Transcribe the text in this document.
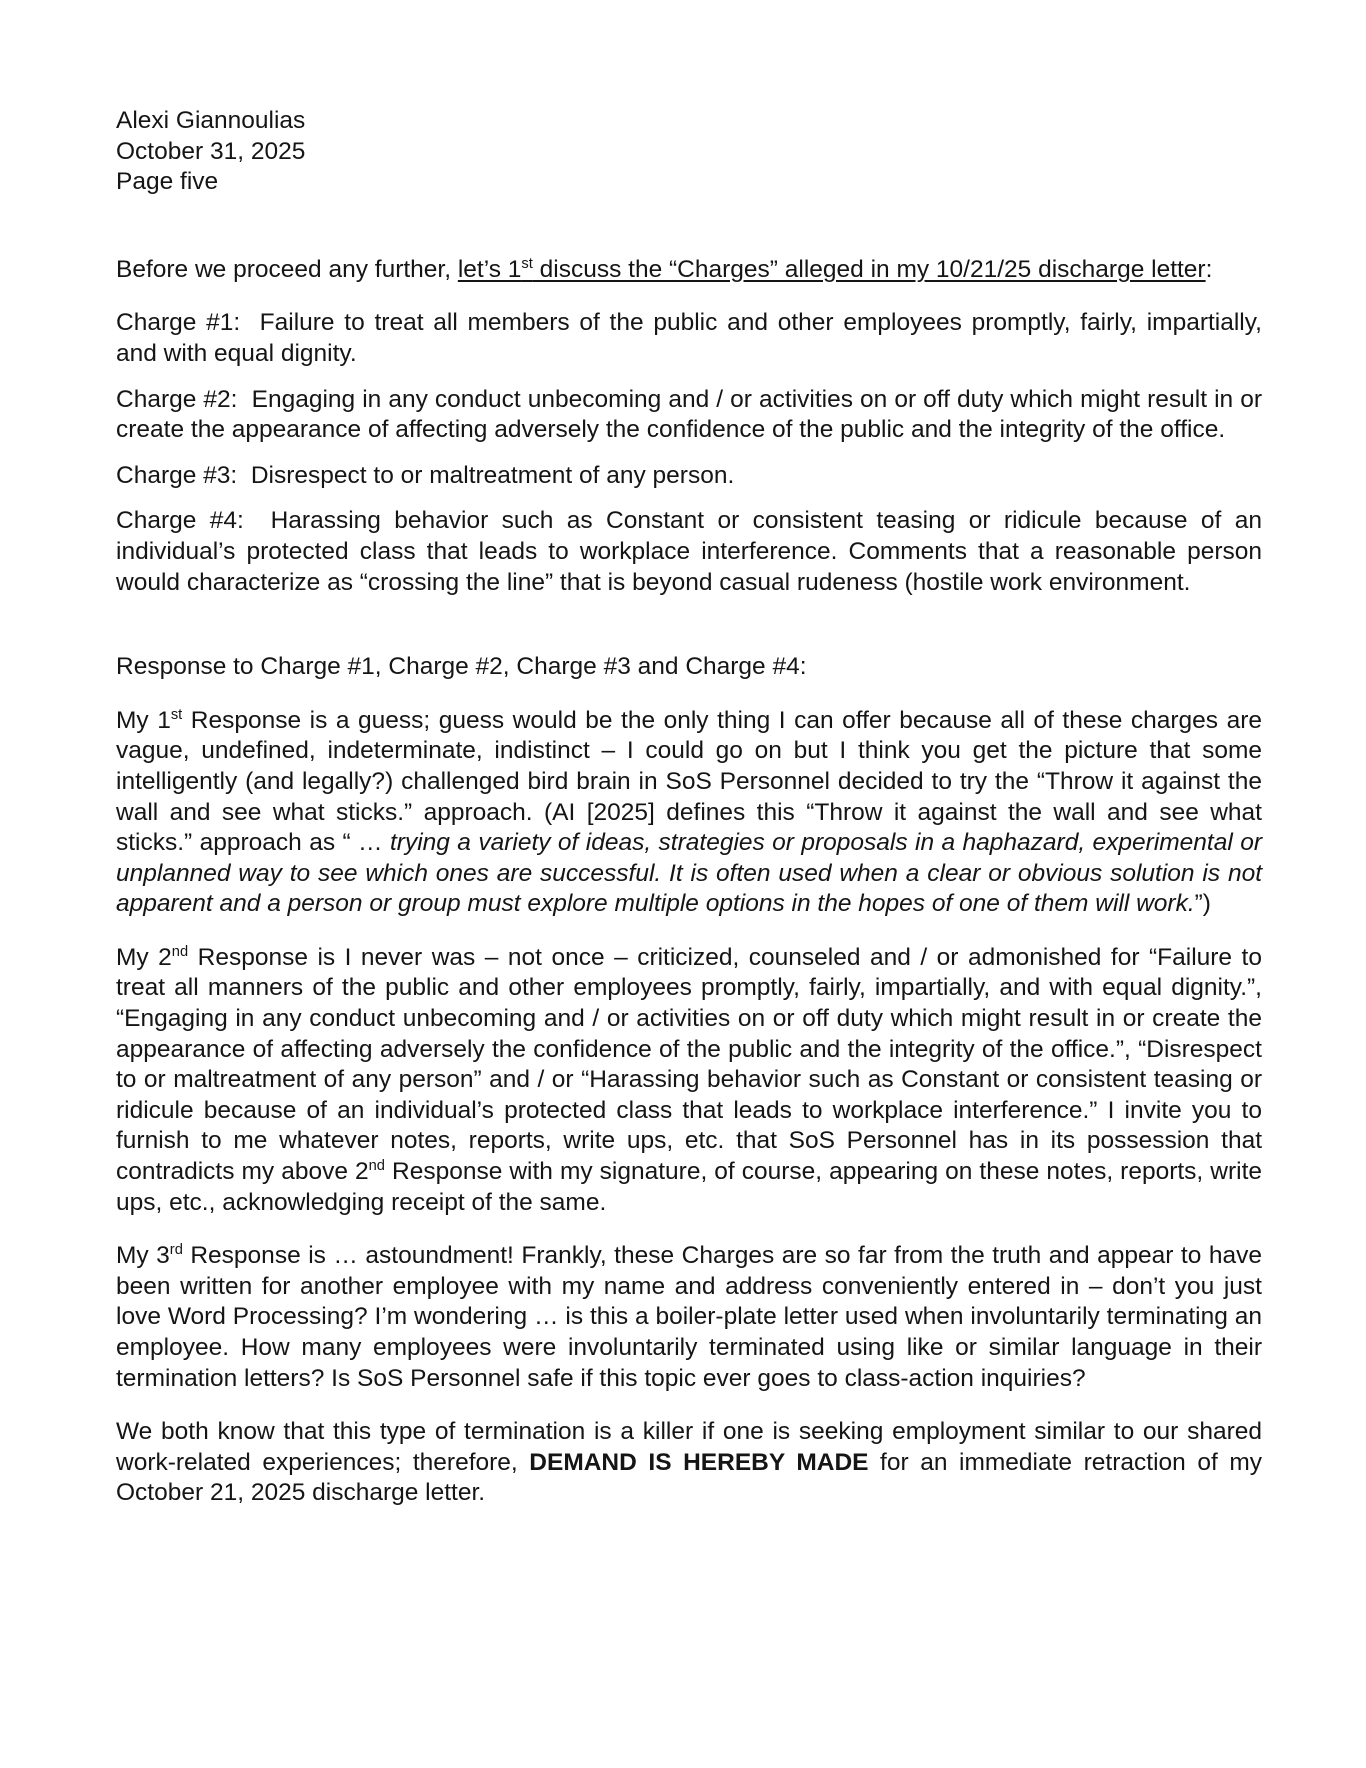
Alexi Giannoulias
October 31, 2025
Page five

Before we proceed any further, let’s 1st discuss the “Charges” alleged in my 10/21/25 discharge letter:

Charge #1: Failure to treat all members of the public and other employees promptly, fairly, impartially, and with equal dignity.

Charge #2: Engaging in any conduct unbecoming and / or activities on or off duty which might result in or create the appearance of affecting adversely the confidence of the public and the integrity of the office.

Charge #3: Disrespect to or maltreatment of any person.

Charge #4: Harassing behavior such as Constant or consistent teasing or ridicule because of an individual’s protected class that leads to workplace interference. Comments that a reasonable person would characterize as “crossing the line” that is beyond casual rudeness (hostile work environment.

Response to Charge #1, Charge #2, Charge #3 and Charge #4:

My 1st Response is a guess; guess would be the only thing I can offer because all of these charges are vague, undefined, indeterminate, indistinct – I could go on but I think you get the picture that some intelligently (and legally?) challenged bird brain in SoS Personnel decided to try the “Throw it against the wall and see what sticks.” approach. (AI [2025] defines this “Throw it against the wall and see what sticks.” approach as “ … trying a variety of ideas, strategies or proposals in a haphazard, experimental or unplanned way to see which ones are successful. It is often used when a clear or obvious solution is not apparent and a person or group must explore multiple options in the hopes of one of them will work.”)

My 2nd Response is I never was – not once – criticized, counseled and / or admonished for “Failure to treat all manners of the public and other employees promptly, fairly, impartially, and with equal dignity.”, “Engaging in any conduct unbecoming and / or activities on or off duty which might result in or create the appearance of affecting adversely the confidence of the public and the integrity of the office.”, “Disrespect to or maltreatment of any person” and / or “Harassing behavior such as Constant or consistent teasing or ridicule because of an individual’s protected class that leads to workplace interference.” I invite you to furnish to me whatever notes, reports, write ups, etc. that SoS Personnel has in its possession that contradicts my above 2nd Response with my signature, of course, appearing on these notes, reports, write ups, etc., acknowledging receipt of the same.

My 3rd Response is … astoundment! Frankly, these Charges are so far from the truth and appear to have been written for another employee with my name and address conveniently entered in – don’t you just love Word Processing? I’m wondering … is this a boiler-plate letter used when involuntarily terminating an employee. How many employees were involuntarily terminated using like or similar language in their termination letters? Is SoS Personnel safe if this topic ever goes to class-action inquiries?

We both know that this type of termination is a killer if one is seeking employment similar to our shared work-related experiences; therefore, DEMAND IS HEREBY MADE for an immediate retraction of my October 21, 2025 discharge letter.
